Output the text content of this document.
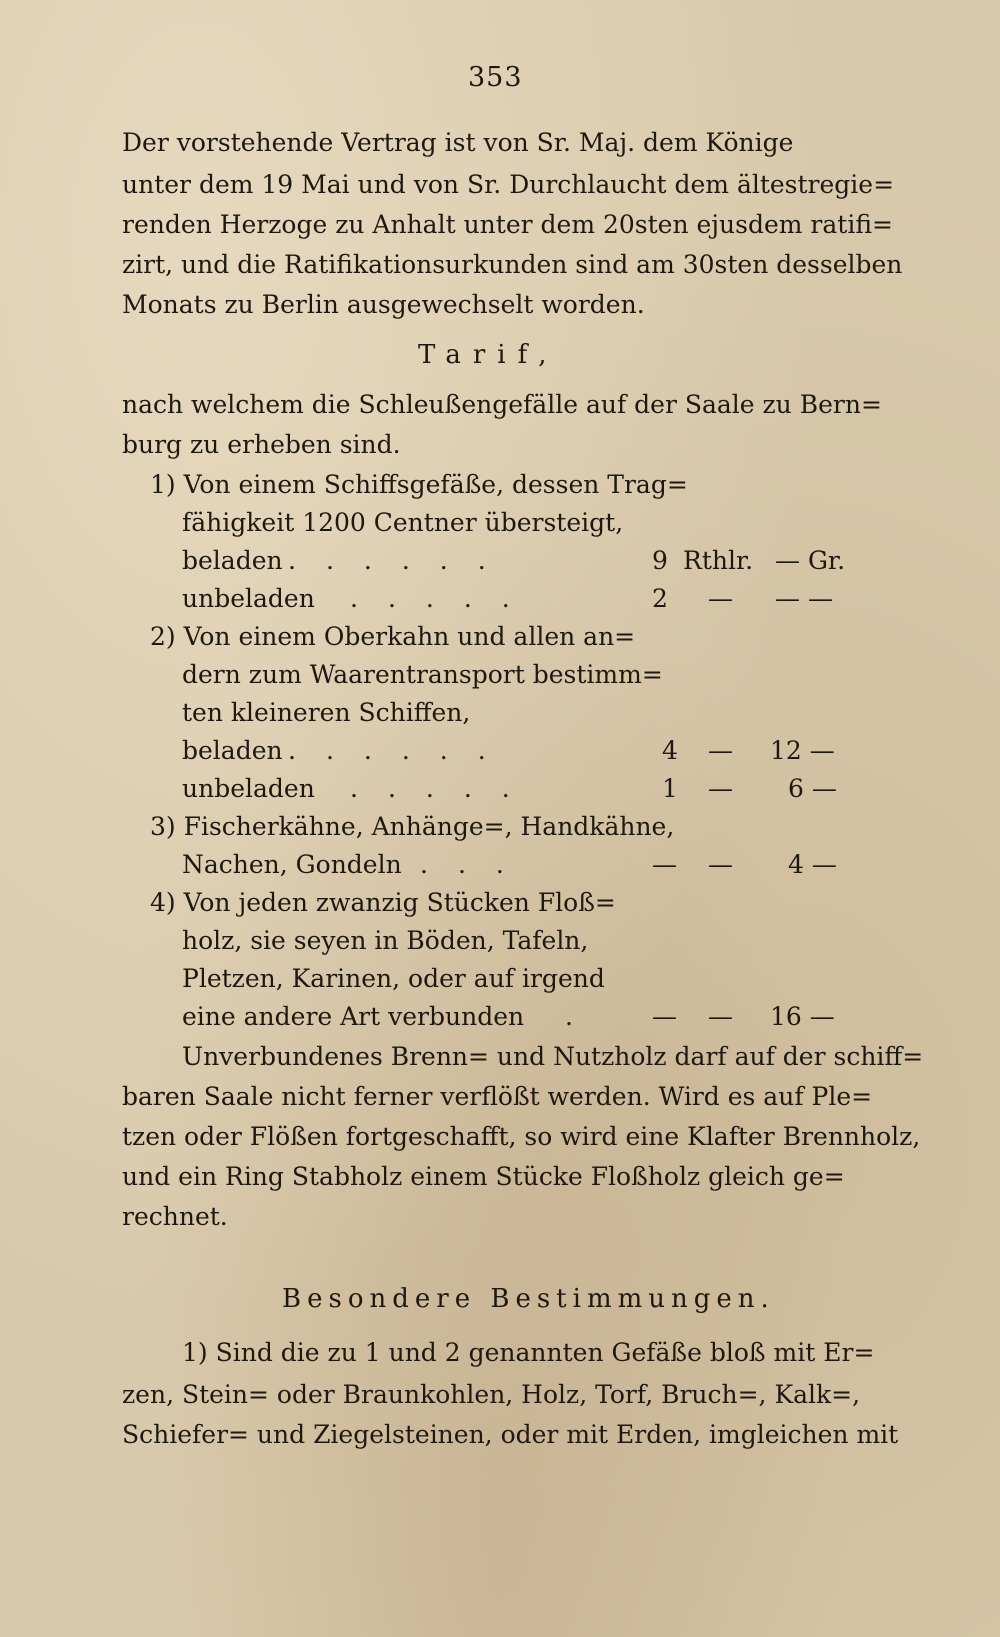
353
Der vorstehende Vertrag ist von Sr. Maj. dem Könige
unter dem 19 Mai und von Sr. Durchlaucht dem ältestregie=
renden Herzoge zu Anhalt unter dem 20sten ejusdem ratifi=
zirt, und die Ratifikationsurkunden sind am 30sten desselben
Monats zu Berlin ausgewechselt worden.
Tarif,
nach welchem die Schleußengefälle auf der Saale zu Bern=
burg zu erheben sind.
1) Von einem Schiffsgefäße, dessen Trag=
fähigkeit 1200 Centner übersteigt,
beladen ......	9 Rthlr. — Gr.
unbeladen .....	2 — — —
2) Von einem Oberkahn und allen an=
dern zum Waarentransport bestimm=
ten kleineren Schiffen,
beladen ......	4 — 12 —
unbeladen .....	1 — 6 —
3) Fischerkähne, Anhänge=, Handkähne,
Nachen, Gondeln ...	— — 4 —
4) Von jeden zwanzig Stücken Floß=
holz, sie seyen in Böden, Tafeln,
Pletzen, Karinen, oder auf irgend
eine andere Art verbunden . — — 16 —
Unverbundenes Brenn= und Nutzholz darf auf der schiff=
baren Saale nicht ferner verflößt werden. Wird es auf Ple=
tzen oder Flößen fortgeschafft, so wird eine Klafter Brennholz,
und ein Ring Stabholz einem Stücke Floßholz gleich ge=
rechnet.
Besondere Bestimmungen.
1) Sind die zu 1 und 2 genannten Gefäße bloß mit Er=
zen, Stein= oder Braunkohlen, Holz, Torf, Bruch=, Kalk=,
Schiefer= und Ziegelsteinen, oder mit Erden, imgleichen mit
